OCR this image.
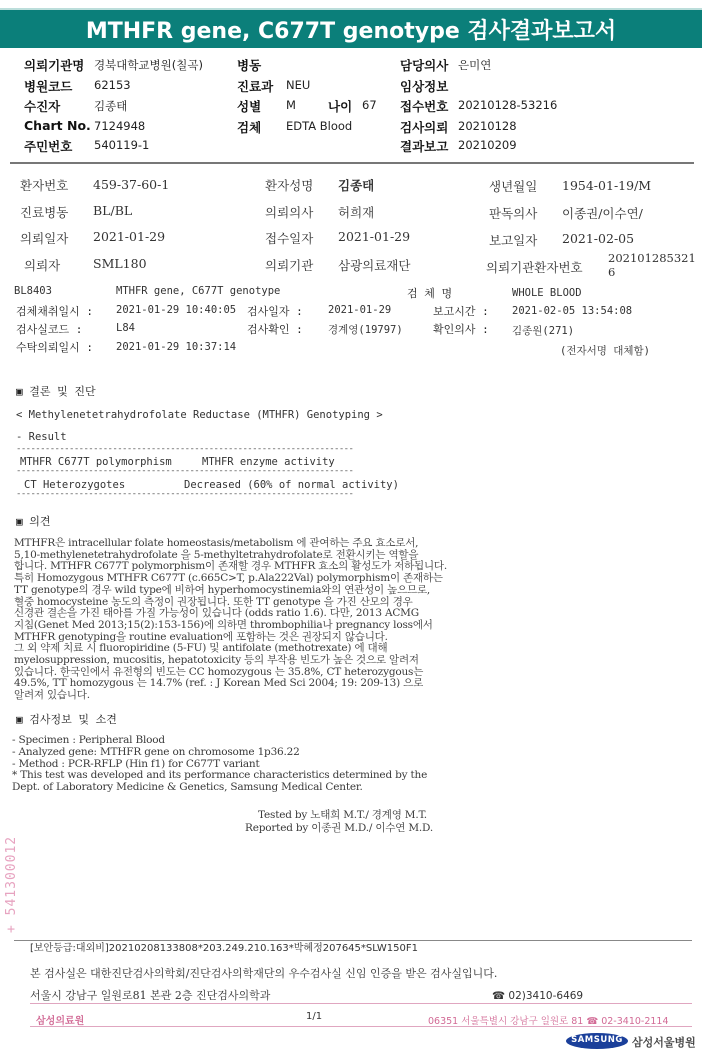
MTHFR gene, C677T genotype 검사결과보고서
의뢰기관명 경북대학교병원(칠곡)	병동	담당의사 은미연
병원코드 62153	진료과 NEU	임상정보
수진자	김종태	성별 M	나이 67 접수번호 20210128-53216
Chart No. 7124948	검체 EDTA Blood	검사의뢰 20210128
주민번호 540119-1	결과보고 20210209
환자번호 459-37-60-1	환자성명 김종태	생년월일 1954-01-19/M
진료병동 BL/BL	의뢰의사 허희재	판독의사 이종권/이수연/
의뢰일자 2021-01-29	접수일자 2021-01-29	보고일자 2021-02-05
의뢰자	SML180	의뢰기관 삼광의료재단	의뢰기관환자번호
202101285321
6
BL8403	MTHFR gene, C677T genotype	검 체 명	WHOLE BLOOD
검체채취일시 : 2021-01-29 10:40:05 검사일자 : 2021-01-29	보고시간 : 2021-02-05 13:54:08
검사실코드 :	L84	검사확인 : 경계영(19797)	확인의사 : 김종원(271)
수탁의뢰일시 : 2021-01-29 10:37:14	(전자서명 대체함)
▣ 결론 및 진단
< Methylenetetrahydrofolate Reductase (MTHFR) Genotyping >
- Result
----------------------------------------------------------------------
MTHFR C677T polymorphism	MTHFR enzyme activity
----------------------------------------------------------------------
CT Heterozygotes	Decreased (60% of normal activity)
----------------------------------------------------------------------
▣ 의견
MTHFR은 intracellular folate homeostasis/metabolism 에 관여하는 주요 효소로서,
5,10-methylenetetrahydrofolate 을 5-methyltetrahydrofolate로 전환시키는 역할을
합니다. MTHFR C677T polymorphism이 존재할 경우 MTHFR 효소의 활성도가 저하됩니다.
특히 Homozygous MTHFR C677T (c.665C>T, p.Ala222Val) polymorphism이 존재하는
TT genotype의 경우 wild type에 비하여 hyperhomocystinemia와의 연관성이 높으므로,
혈중 homocysteine 농도의 측정이 권장됩니다. 또한 TT genotype 을 가진 산모의 경우
신경관 결손을 가진 태아를 가질 가능성이 있습니다 (odds ratio 1.6). 다만, 2013 ACMG
지침(Genet Med 2013;15(2):153-156)에 의하면 thrombophilia나 pregnancy loss에서
MTHFR genotyping을 routine evaluation에 포함하는 것은 권장되지 않습니다.
그 외 약제 치료 시 fluoropiridine (5-FU) 및 antifolate (methotrexate) 에 대해
myelosuppression, mucositis, hepatotoxicity 등의 부작용 빈도가 높은 것으로 알려져
있습니다. 한국인에서 유전형의 빈도는 CC homozygous 는 35.8%, CT heterozygous는
49.5%, TT homozygous 는 14.7% (ref. : J Korean Med Sci 2004; 19: 209-13) 으로
알려져 있습니다.
▣ 검사정보 및 소견
- Specimen : Peripheral Blood
- Analyzed gene: MTHFR gene on chromosome 1p36.22
- Method : PCR-RFLP (Hin f1) for C677T variant
* This test was developed and its performance characteristics determined by the
Dept. of Laboratory Medicine & Genetics, Samsung Medical Center.
Tested by 노태희 M.T./ 경계영 M.T.
Reported by 이종권 M.D./ 이수연 M.D.
+ 541300012
[보안등급:대외비]20210208133808*203.249.210.163*박혜정207645*SLW150F1
본 검사실은 대한진단검사의학회/진단검사의학재단의 우수검사실 신임 인증을 받은 검사실입니다.
서울시 강남구 일원로81 본관 2층 진단검사의학과	☎ 02)3410-6469
삼성의료원	1/1	06351 서울특별시 강남구 일원로 81 ☎ 02-3410-2114
SAMSUNG 삼성서울병원
